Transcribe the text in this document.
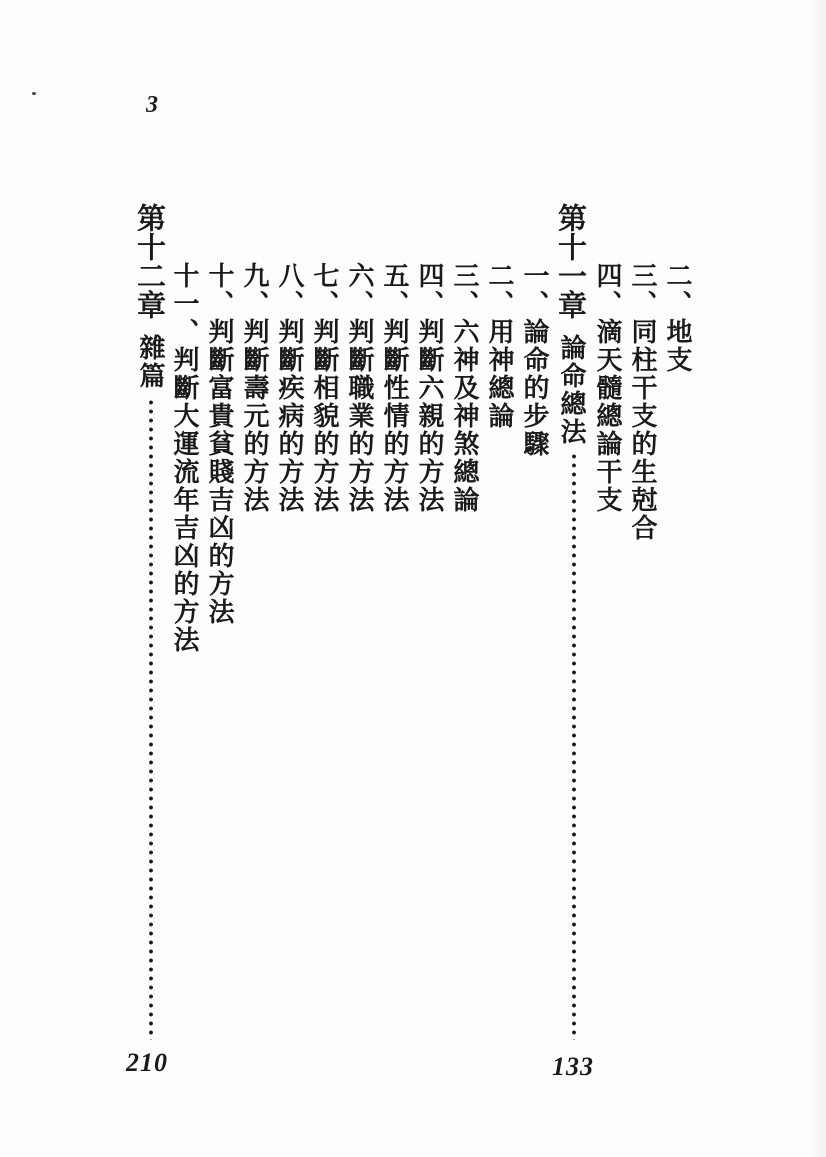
3
二、地支
三、同柱干支的生尅合
四、滴天髓總論干支
第十一章
論命總法
133
一、論命的步驟
二、用神總論
三、六神及神煞總論
四、判斷六親的方法
五、判斷性情的方法
六、判斷職業的方法
七、判斷相貌的方法
八、判斷疾病的方法
九、判斷壽元的方法
十、判斷富貴貧賤吉凶的方法
十一、判斷大運流年吉凶的方法
第十二章
雜篇
210
